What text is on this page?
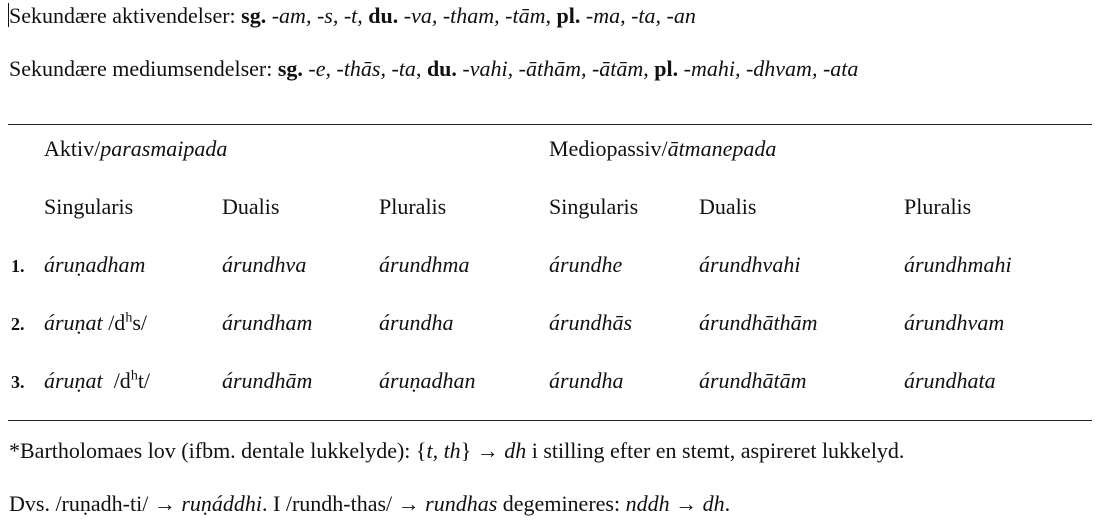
Sekundære aktivendelser: sg. -am, -s, -t, du. -va, -tham, -tām, pl. -ma, -ta, -an
Sekundære mediumsendelser: sg. -e, -thās, -ta, du. -vahi, -āthām, -ātām, pl. -mahi, -dhvam, -ata
Aktiv/parasmaipada	Mediopassiv/ātmanepada
Singularis	Dualis	Pluralis	Singularis	Dualis	Pluralis
1. áruṇadham	árundhva	árundhma	árundhe	árundhvahi	árundhmahi
2. áruṇat $/d^hs/$	árundham	árundha	árundhās	árundhāthām	árundhvam
3. áruṇat  $/d^ht/$	árundhām	áruṇadhan	árundha	árundhātām	árundhata
*Bartholomaes lov (ifbm. dentale lukkelyde): {t, th} → dh i stilling efter en stemt, aspireret lukkelyd.
Dvs. /ruṇadh-ti/ → ruṇáddhi. I /rundh-thas/ → rundhas degemineres: nddh → dh.
